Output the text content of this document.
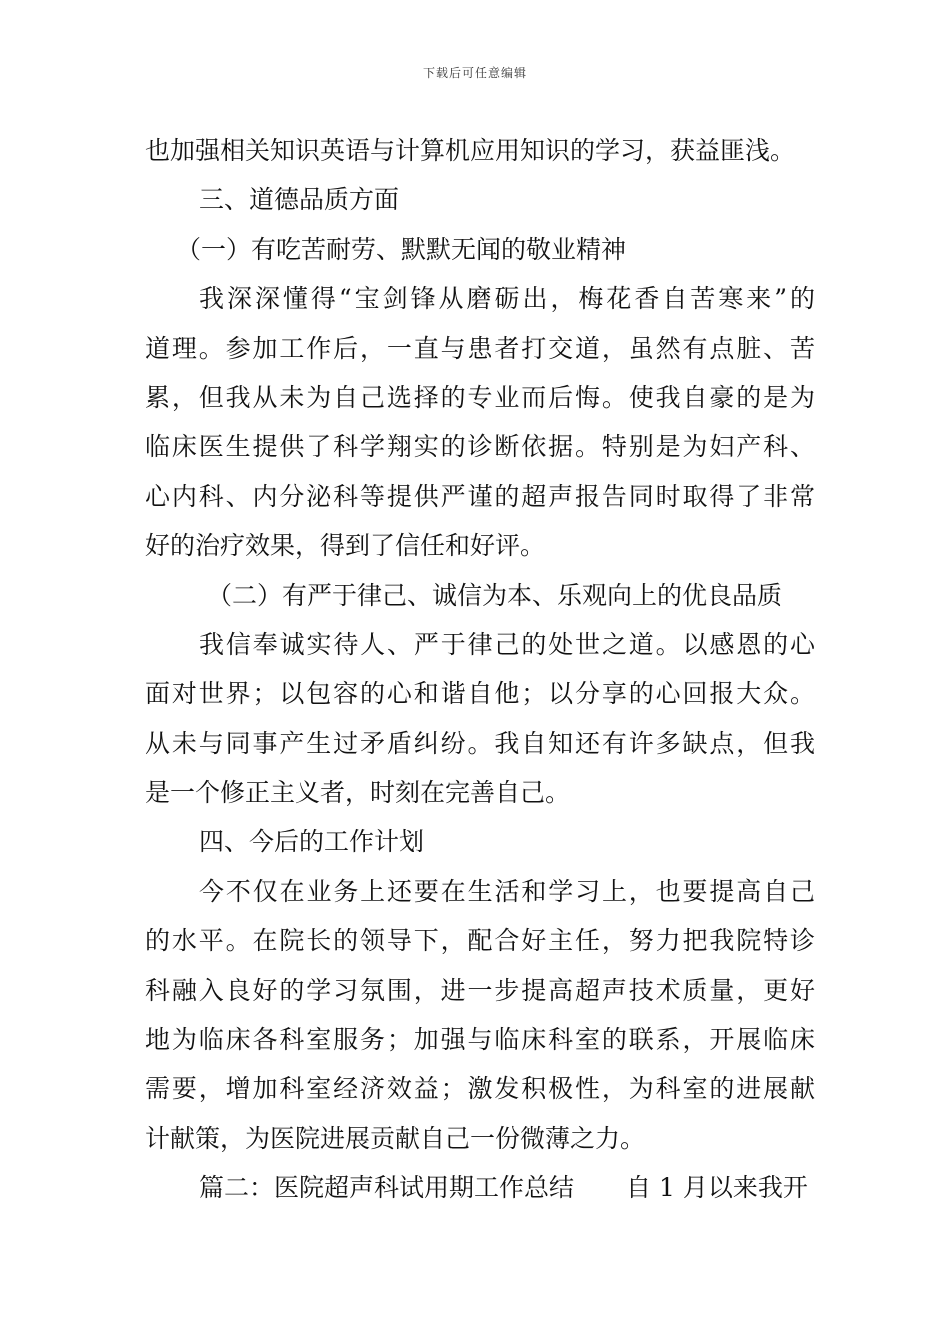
下载后可任意编辑
也加强相关知识英语与计算机应用知识的学习，获益匪浅。
三、道德品质方面
（一）有吃苦耐劳、默默无闻的敬业精神
我深深懂得“宝剑锋从磨砺出，梅花香自苦寒来”的
道理。参加工作后，一直与患者打交道，虽然有点脏、苦
累，但我从未为自己选择的专业而后悔。使我自豪的是为
临床医生提供了科学翔实的诊断依据。特别是为妇产科、
心内科、内分泌科等提供严谨的超声报告同时取得了非常
好的治疗效果，得到了信任和好评。
（二）有严于律己、诚信为本、乐观向上的优良品质
我信奉诚实待人、严于律己的处世之道。以感恩的心
面对世界；以包容的心和谐自他；以分享的心回报大众。
从未与同事产生过矛盾纠纷。我自知还有许多缺点，但我
是一个修正主义者，时刻在完善自己。
四、今后的工作计划
今不仅在业务上还要在生活和学习上，也要提高自己
的水平。在院长的领导下，配合好主任，努力把我院特诊
科融入良好的学习氛围，进一步提高超声技术质量，更好
地为临床各科室服务；加强与临床科室的联系，开展临床
需要，增加科室经济效益；激发积极性，为科室的进展献
计献策，为医院进展贡献自己一份微薄之力。
篇二：医院超声科试用期工作总结 自 1 月以来我开
